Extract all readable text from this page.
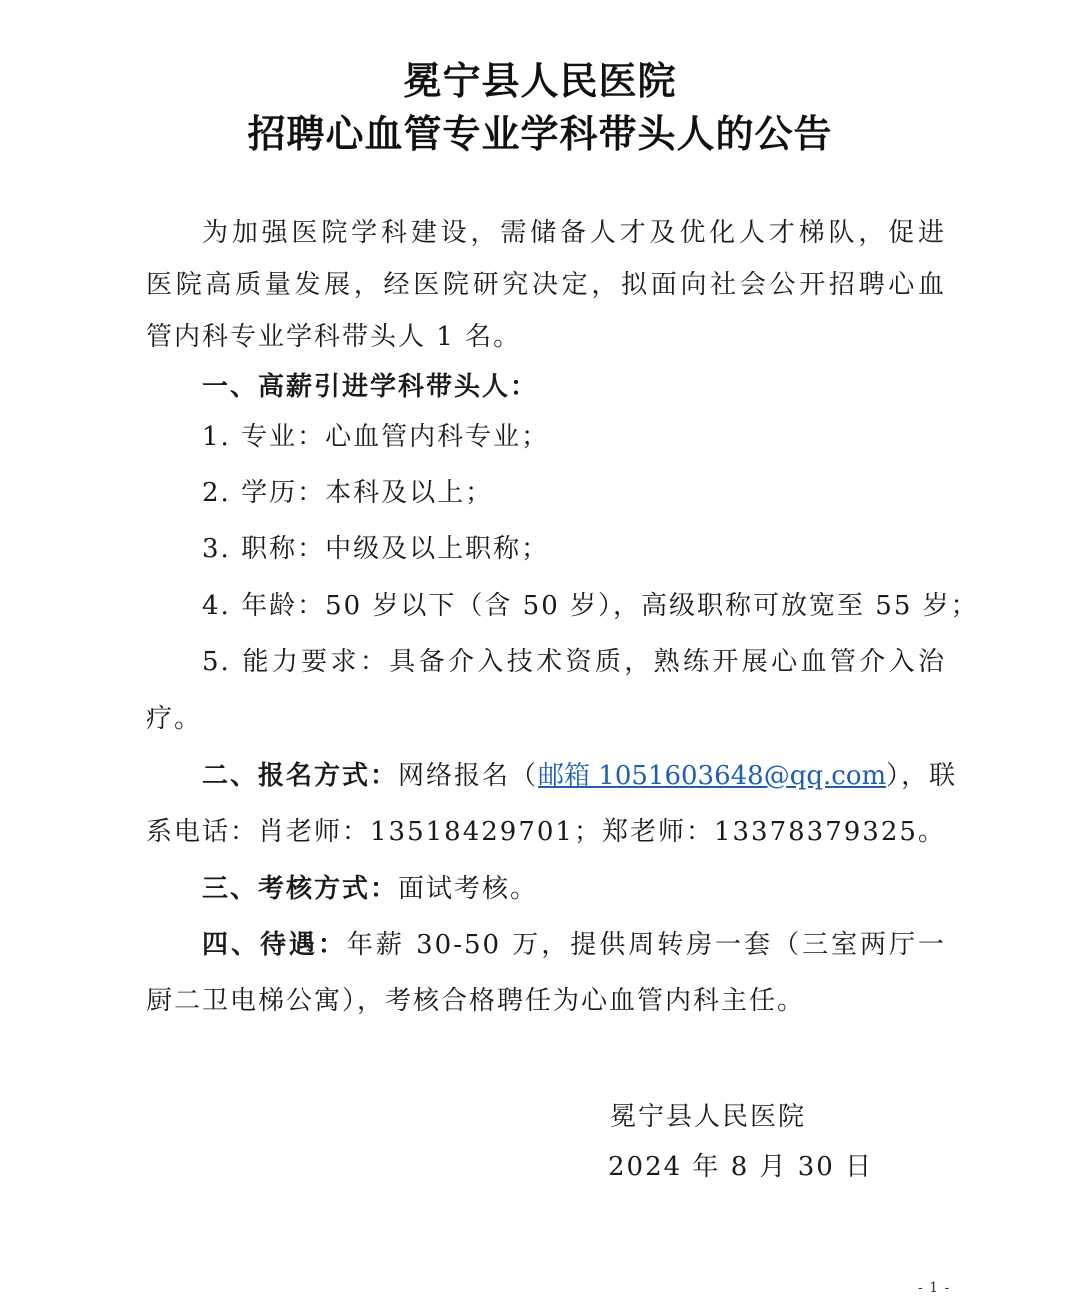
冕宁县人民医院
招聘心血管专业学科带头人的公告
为加强医院学科建设，需储备人才及优化人才梯队，促进
医院高质量发展，经医院研究决定，拟面向社会公开招聘心血
管内科专业学科带头人 1 名。
一、高薪引进学科带头人：
1. 专业：心血管内科专业；
2. 学历：本科及以上；
3. 职称：中级及以上职称；
4. 年龄：50 岁以下（含 50 岁），高级职称可放宽至 55 岁；
5. 能力要求：具备介入技术资质，熟练开展心血管介入治
疗。
二、报名方式：网络报名（邮箱 1051603648@qq.com），联
系电话：肖老师：13518429701；郑老师：13378379325。
三、考核方式：面试考核。
四、待遇：年薪 30-50 万，提供周转房一套（三室两厅一
厨二卫电梯公寓），考核合格聘任为心血管内科主任。
冕宁县人民医院
2024 年 8 月 30 日
- 1 -
